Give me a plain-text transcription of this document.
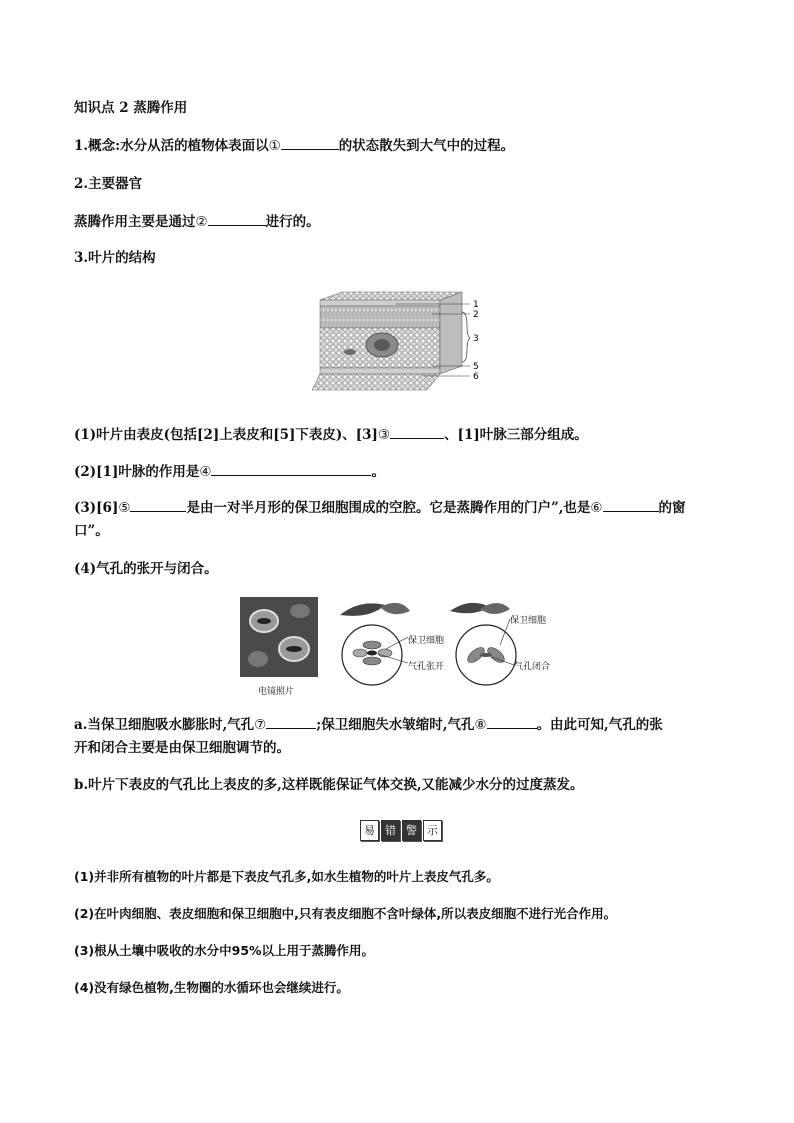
知识点 2 蒸腾作用
1.概念:水分从活的植物体表面以①	的状态散失到大气中的过程。
2.主要器官
蒸腾作用主要是通过②	进行的。
3.叶片的结构
1
2
3
5
6
(1)叶片由表皮(包括[2]上表皮和[5]下表皮)、[3]③	、[1]叶脉三部分组成。
(2)[1]叶脉的作用是④	。
(3)[6]⑤	是由一对半月形的保卫细胞围成的空腔。它是蒸腾作用的门户”,也是⑥	的窗
口”。
(4)气孔的张开与闭合。
电镜照片
保卫细胞
气孔张开
保卫细胞
气孔闭合
a.当保卫细胞吸水膨胀时,气孔⑦	;保卫细胞失水皱缩时,气孔⑧	。由此可知,气孔的张
开和闭合主要是由保卫细胞调节的。
b.叶片下表皮的气孔比上表皮的多,这样既能保证气体交换,又能减少水分的过度蒸发。
易 错 警 示
(1)并非所有植物的叶片都是下表皮气孔多,如水生植物的叶片上表皮气孔多。
(2)在叶肉细胞、表皮细胞和保卫细胞中,只有表皮细胞不含叶绿体,所以表皮细胞不进行光合作用。
(3)根从土壤中吸收的水分中95%以上用于蒸腾作用。
(4)没有绿色植物,生物圈的水循环也会继续进行。
